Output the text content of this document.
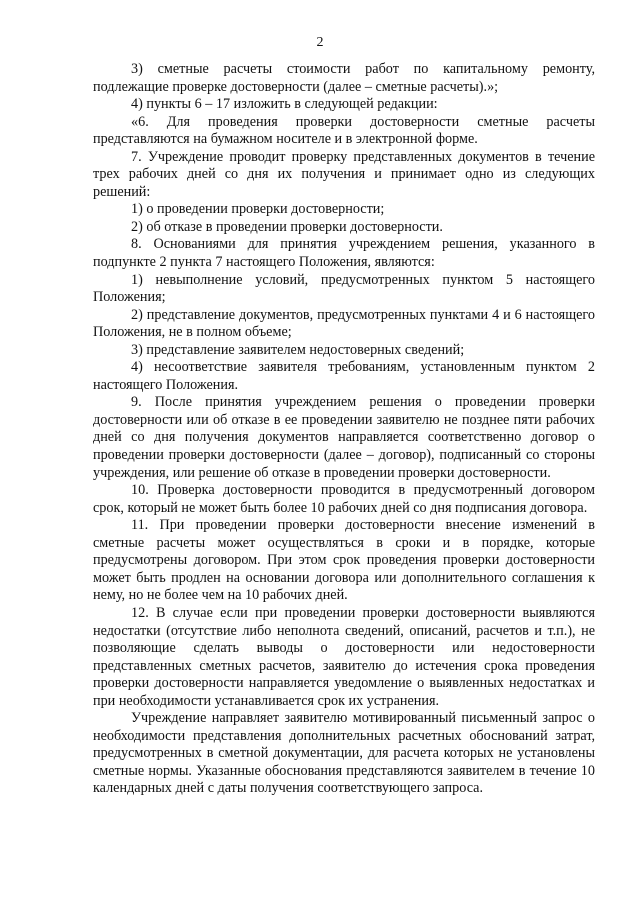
2

3) сметные расчеты стоимости работ по капитальному ремонту, подлежащие проверке достоверности (далее – сметные расчеты).»;

4) пункты 6 – 17 изложить в следующей редакции:

«6. Для проведения проверки достоверности сметные расчеты представляются на бумажном носителе и в электронной форме.

7. Учреждение проводит проверку представленных документов в течение трех рабочих дней со дня их получения и принимает одно из следующих решений:

1) о проведении проверки достоверности;

2) об отказе в проведении проверки достоверности.

8. Основаниями для принятия учреждением решения, указанного в подпункте 2 пункта 7 настоящего Положения, являются:

1) невыполнение условий, предусмотренных пунктом 5 настоящего Положения;

2) представление документов, предусмотренных пунктами 4 и 6 настоящего Положения, не в полном объеме;

3) представление заявителем недостоверных сведений;

4) несоответствие заявителя требованиям, установленным пунктом 2 настоящего Положения.

9. После принятия учреждением решения о проведении проверки достоверности или об отказе в ее проведении заявителю не позднее пяти рабочих дней со дня получения документов направляется соответственно договор о проведении проверки достоверности (далее – договор), подписанный со стороны учреждения, или решение об отказе в проведении проверки достоверности.

10. Проверка достоверности проводится в предусмотренный договором срок, который не может быть более 10 рабочих дней со дня подписания договора.

11. При проведении проверки достоверности внесение изменений в сметные расчеты может осуществляться в сроки и в порядке, которые предусмотрены договором. При этом срок проведения проверки достоверности может быть продлен на основании договора или дополнительного соглашения к нему, но не более чем на 10 рабочих дней.

12. В случае если при проведении проверки достоверности выявляются недостатки (отсутствие либо неполнота сведений, описаний, расчетов и т.п.), не позволяющие сделать выводы о достоверности или недостоверности представленных сметных расчетов, заявителю до истечения срока проведения проверки достоверности направляется уведомление о выявленных недостатках и при необходимости устанавливается срок их устранения.

Учреждение направляет заявителю мотивированный письменный запрос о необходимости представления дополнительных расчетных обоснований затрат, предусмотренных в сметной документации, для расчета которых не установлены сметные нормы. Указанные обоснования представляются заявителем в течение 10 календарных дней с даты получения соответствующего запроса.
